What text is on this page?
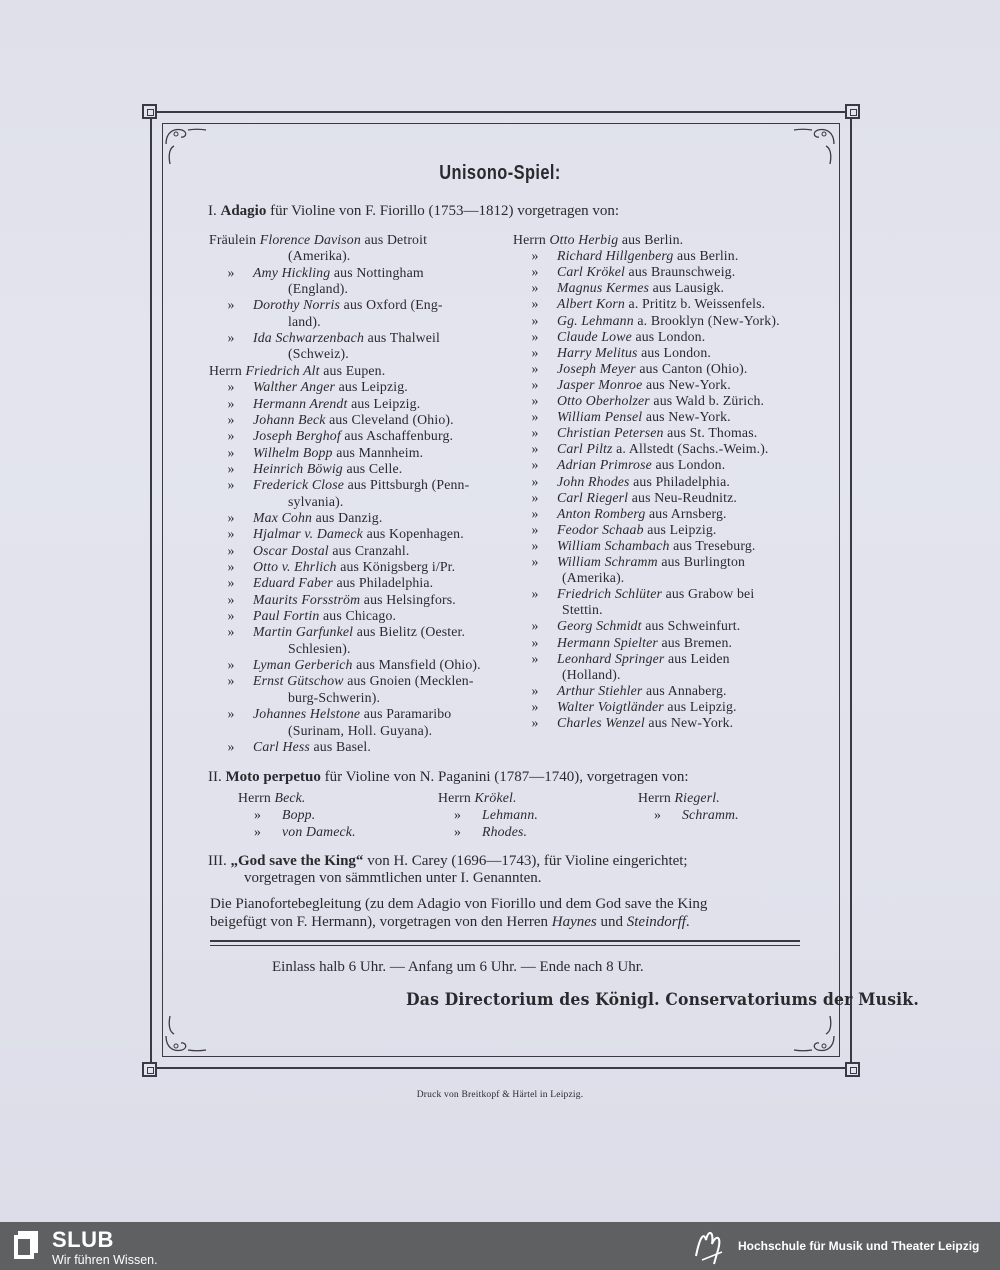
Unisono-Spiel:
I. Adagio für Violine von F. Fiorillo (1753—1812) vorgetragen von:
Fräulein Florence Davison aus Detroit
(Amerika).
» Amy Hickling aus Nottingham
(England).
» Dorothy Norris aus Oxford (Eng-
land).
» Ida Schwarzenbach aus Thalweil
(Schweiz).
Herrn Friedrich Alt aus Eupen.
» Walther Anger aus Leipzig.
» Hermann Arendt aus Leipzig.
» Johann Beck aus Cleveland (Ohio).
» Joseph Berghof aus Aschaffenburg.
» Wilhelm Bopp aus Mannheim.
» Heinrich Böwig aus Celle.
» Frederick Close aus Pittsburgh (Penn-
sylvania).
» Max Cohn aus Danzig.
» Hjalmar v. Dameck aus Kopenhagen.
» Oscar Dostal aus Cranzahl.
» Otto v. Ehrlich aus Königsberg i/Pr.
» Eduard Faber aus Philadelphia.
» Maurits Forsström aus Helsingfors.
» Paul Fortin aus Chicago.
» Martin Garfunkel aus Bielitz (Oester.
Schlesien).
» Lyman Gerberich aus Mansfield (Ohio).
» Ernst Gütschow aus Gnoien (Mecklen-
burg-Schwerin).
» Johannes Helstone aus Paramaribo
(Surinam, Holl. Guyana).
» Carl Hess aus Basel.
Herrn Otto Herbig aus Berlin.
» Richard Hillgenberg aus Berlin.
» Carl Krökel aus Braunschweig.
» Magnus Kermes aus Lausigk.
» Albert Korn a. Prititz b. Weissenfels.
» Gg. Lehmann a. Brooklyn (New-York).
» Claude Lowe aus London.
» Harry Melitus aus London.
» Joseph Meyer aus Canton (Ohio).
» Jasper Monroe aus New-York.
» Otto Oberholzer aus Wald b. Zürich.
» William Pensel aus New-York.
» Christian Petersen aus St. Thomas.
» Carl Piltz a. Allstedt (Sachs.-Weim.).
» Adrian Primrose aus London.
» John Rhodes aus Philadelphia.
» Carl Riegerl aus Neu-Reudnitz.
» Anton Romberg aus Arnsberg.
» Feodor Schaab aus Leipzig.
» William Schambach aus Treseburg.
» William Schramm aus Burlington
(Amerika).
» Friedrich Schlüter aus Grabow bei
Stettin.
» Georg Schmidt aus Schweinfurt.
» Hermann Spielter aus Bremen.
» Leonhard Springer aus Leiden
(Holland).
» Arthur Stiehler aus Annaberg.
» Walter Voigtländer aus Leipzig.
» Charles Wenzel aus New-York.
II. Moto perpetuo für Violine von N. Paganini (1787—1740), vorgetragen von:
Herrn Beck.
»Bopp.
»von Dameck.
Herrn Krökel.
»Lehmann.
»Rhodes.
Herrn Riegerl.
»Schramm.
III. „God save the King“ von H. Carey (1696—1743), für Violine eingerichtet;
vorgetragen von sämmtlichen unter I. Genannten.
Die Pianofortebegleitung (zu dem Adagio von Fiorillo und dem God save the King
beigefügt von F. Hermann), vorgetragen von den Herren Haynes und Steindorff.
Einlass halb 6 Uhr. — Anfang um 6 Uhr. — Ende nach 8 Uhr.
Das Directorium des Königl. Conservatoriums der Musik.
Druck von Breitkopf & Härtel in Leipzig.
SLUB
Wir führen Wissen.
Hochschule für Musik und Theater Leipzig
